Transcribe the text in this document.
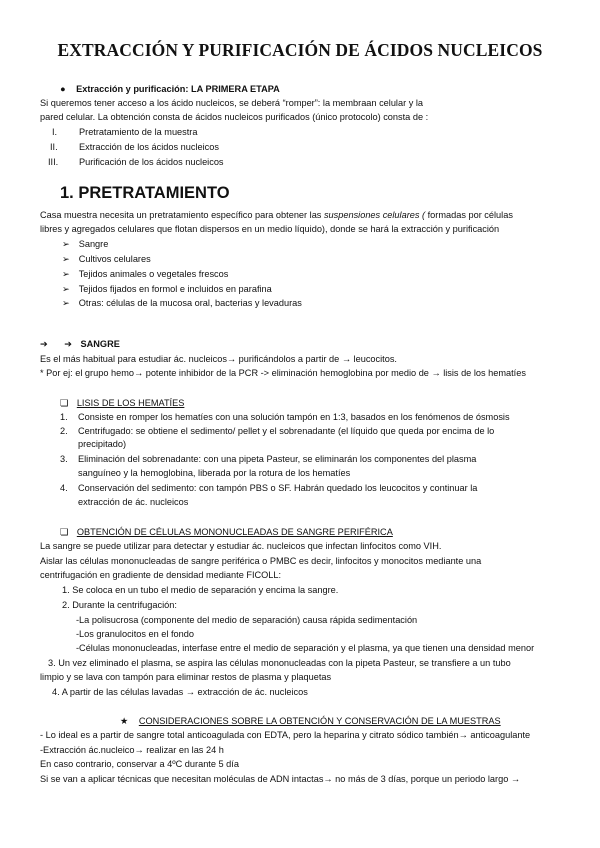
EXTRACCIÓN Y PURIFICACIÓN DE ÁCIDOS NUCLEICOS
● Extracción y purificación: LA PRIMERA ETAPA
Si queremos tener acceso a los ácido nucleicos, se deberá “romper”: la membraan celular y la
pared celular. La obtención consta de ácidos nucleicos purificados (único protocolo) consta de :
I. Pretratamiento de la muestra
II. Extracción de los ácidos nucleicos
III. Purificación de los ácidos nucleicos
1. PRETRATAMIENTO
Casa muestra necesita un pretratamiento específico para obtener las suspensiones celulares ( formadas por células
libres y agregados celulares que flotan dispersos en un medio líquido), donde se hará la extracción y purificación
➢ Sangre
➢ Cultivos celulares
➢ Tejidos animales o vegetales frescos
➢ Tejidos fijados en formol e incluidos en parafina
➢ Otras: células de la mucosa oral, bacterias y levaduras
➔ ➔ SANGRE
Es el más habitual para estudiar ác. nucleicos→ purificándolos a partir de → leucocitos.
* Por ej: el grupo hemo→ potente inhibidor de la PCR -> eliminación hemoglobina por medio de → lisis de los hematíes
❏ LISIS DE LOS HEMATÍES
1. Consiste en romper los hematíes con una solución tampón en 1:3, basados en los fenómenos de ósmosis
2. Centrifugado: se obtiene el sedimento/ pellet y el sobrenadante (el líquido que queda por encima de lo
precipitado)
3. Eliminación del sobrenadante: con una pipeta Pasteur, se eliminarán los componentes del plasma
sanguíneo y la hemoglobina, liberada por la rotura de los hematíes
4. Conservación del sedimento: con tampón PBS o SF. Habrán quedado los leucocitos y continuar la
extracción de ác. nucleicos
❏ OBTENCIÓN DE CÉLULAS MONONUCLEADAS DE SANGRE PERIFÉRICA
La sangre se puede utilizar para detectar y estudiar ác. nucleicos que infectan linfocitos como VIH.
Aislar las células mononucleadas de sangre periférica o PMBC es decir, linfocitos y monocitos mediante una
centrifugación en gradiente de densidad mediante FICOLL:
1. Se coloca en un tubo el medio de separación y encima la sangre.
2. Durante la centrifugación:
-La polisucrosa (componente del medio de separación) causa rápida sedimentación
-Los granulocitos en el fondo
-Células mononucleadas, interfase entre el medio de separación y el plasma, ya que tienen una densidad menor
3. Un vez eliminado el plasma, se aspira las células mononucleadas con la pipeta Pasteur, se transfiere a un tubo
limpio y se lava con tampón para eliminar restos de plasma y plaquetas
4. A partir de las células lavadas → extracción de ác. nucleicos
★ CONSIDERACIONES SOBRE LA OBTENCIÓN Y CONSERVACIÓN DE LA MUESTRAS
- Lo ideal es a partir de sangre total anticoagulada con EDTA, pero la heparina y citrato sódico también→ anticoagulante
-Extracción ác.nucleico→ realizar en las 24 h
En caso contrario, conservar a 4ºC durante 5 día
Si se van a aplicar técnicas que necesitan moléculas de ADN intactas→ no más de 3 días, porque un periodo largo →
